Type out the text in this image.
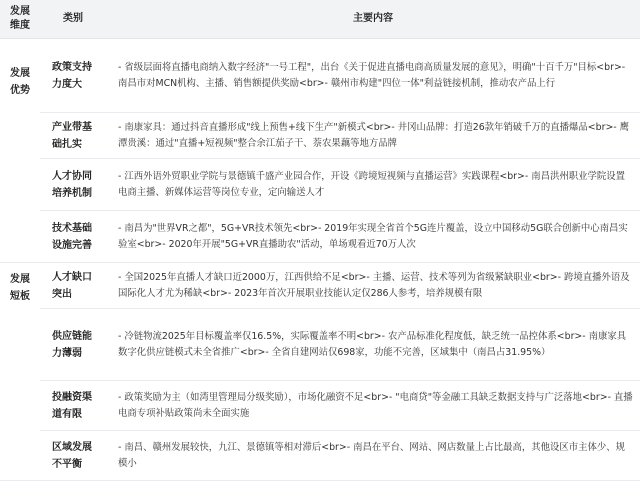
发展维度	类别	主要内容

发展优势	政策支持力度大	- 省级层面将直播电商纳入数字经济"一号工程"，出台《关于促进直播电商高质量发展的意见》，明确"十百千万"目标<br>- 南昌市对MCN机构、主播、销售额提供奖励<br>- 赣州市构建"四位一体"利益链接机制，推动农产品上行

	产业带基础扎实	- 南康家具：通过抖音直播形成"线上预售+线下生产"新模式<br>- 井冈山品牌：打造26款年销破千万的直播爆品<br>- 鹰潭贵溪：通过"直播+短视频"整合余江茄子干、萘农果藕等地方品牌

	人才协同培养机制	- 江西外语外贸职业学院与景德镇千盛产业园合作，开设《跨境短视频与直播运营》实践课程<br>- 南昌洪州职业学院设置电商主播、新媒体运营等岗位专业，定向输送人才

	技术基础设施完善	- 南昌为"世界VR之都"，5G+VR技术领先<br>- 2019年实现全省首个5G连片覆盖，设立中国移动5G联合创新中心南昌实验室<br>- 2020年开展"5G+VR直播助农"活动，单场观看近70万人次

发展短板	人才缺口突出	- 全国2025年直播人才缺口近2000万，江西供给不足<br>- 主播、运营、技术等列为省级紧缺职业<br>- 跨境直播外语及国际化人才尤为稀缺<br>- 2023年首次开展职业技能认定仅286人参考，培养规模有限

	供应链能力薄弱	- 冷链物流2025年目标覆盖率仅16.5%，实际覆盖率不明<br>- 农产品标准化程度低，缺乏统一品控体系<br>- 南康家具数字化供应链模式未全省推广<br>- 全省自建网站仅698家，功能不完善，区域集中（南昌占31.95%）

	投融资渠道有限	- 政策奖励为主（如湾里管理局分级奖励），市场化融资不足<br>- "电商贷"等金融工具缺乏数据支持与广泛落地<br>- 直播电商专项补贴政策尚未全面实施

	区域发展不平衡	- 南昌、赣州发展较快，九江、景德镇等相对滞后<br>- 南昌在平台、网站、网店数量上占比最高，其他设区市主体少、规模小
